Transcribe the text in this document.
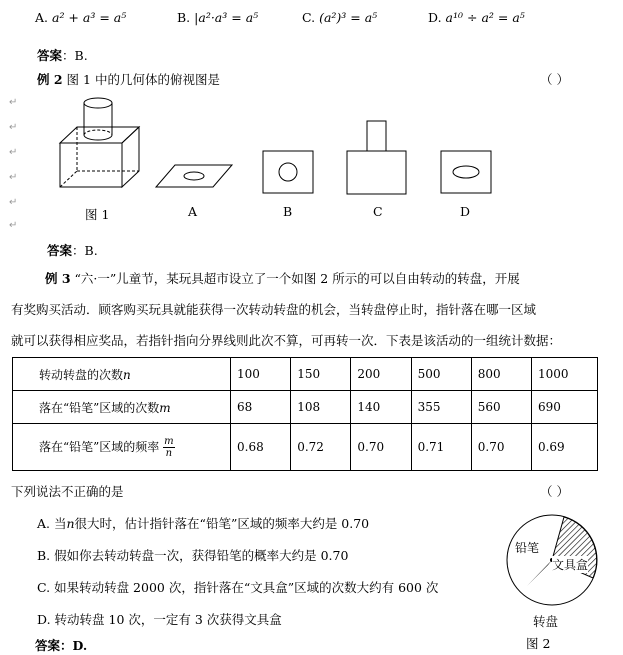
A. a² + a³ = a⁵	B. |a²·a³ = a⁵	C. (a²)³ = a⁵	D. a¹⁰ ÷ a² = a⁵
答案：B.
例 2 图 1 中的几何体的俯视图是	（ ）
↵
↵
↵
↵
↵
↵
图 1	A	B	C	D
答案：B.
例 3 “六·一”儿童节，某玩具超市设立了一个如图 2 所示的可以自由转动的转盘，开展
有奖购买活动．顾客购买玩具就能获得一次转动转盘的机会，当转盘停止时，指针落在哪一区域
就可以获得相应奖品，若指针指向分界线则此次不算，可再转一次．下表是该活动的一组统计数据：
转动转盘的次数n	100	150	200	500	800	1000
落在“铅笔”区域的次数m	68	108	140	355	560	690
落在“铅笔”区域的频率 $\frac{m}{n}$	0.68	0.72	0.70	0.71	0.70	0.69
下列说法不正确的是	（ ）
A. 当n很大时，估计指针落在“铅笔”区域的频率大约是 0.70
B. 假如你去转动转盘一次，获得铅笔的概率大约是 0.70
C. 如果转动转盘 2000 次，指针落在“文具盒”区域的次数大约有 600 次
D. 转动转盘 10 次，一定有 3 次获得文具盒
答案：D.
铅笔
文具盒
转盘
图 2
